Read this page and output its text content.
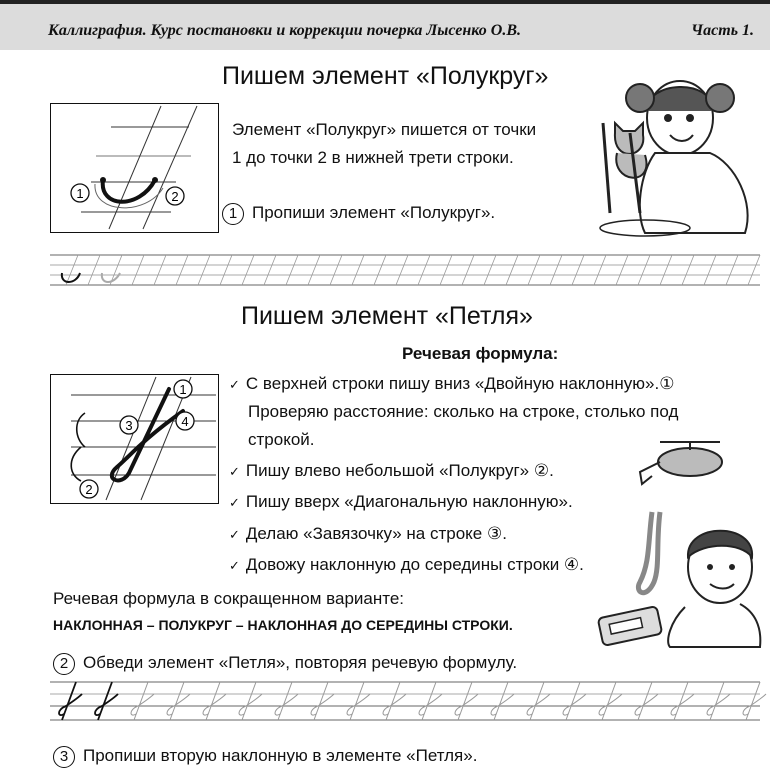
Каллиграфия. Курс постановки и коррекции почерка Лысенко О.В.	Часть 1.
Пишем элемент «Полукруг»
1	2
Элемент «Полукруг» пишется от точки
1 до точки 2 в нижней трети строки.
1 Пропиши элемент «Полукруг».
Пишем элемент «Петля»
Речевая формула:
1
2
3	4
✓ С верхней строки пишу вниз «Двойную наклонную».①
Проверяю расстояние: сколько на строке, столько под
строкой.
✓ Пишу влево небольшой «Полукруг» ②.
✓ Пишу вверх «Диагональную наклонную».
✓ Делаю «Завязочку» на строке ③.
✓ Довожу наклонную до середины строки ④.
Речевая формула в сокращенном варианте:
НАКЛОННАЯ – ПОЛУКРУГ – НАКЛОННАЯ ДО СЕРЕДИНЫ СТРОКИ.
2 Обведи элемент «Петля», повторяя речевую формулу.
3 Пропиши вторую наклонную в элементе «Петля».
